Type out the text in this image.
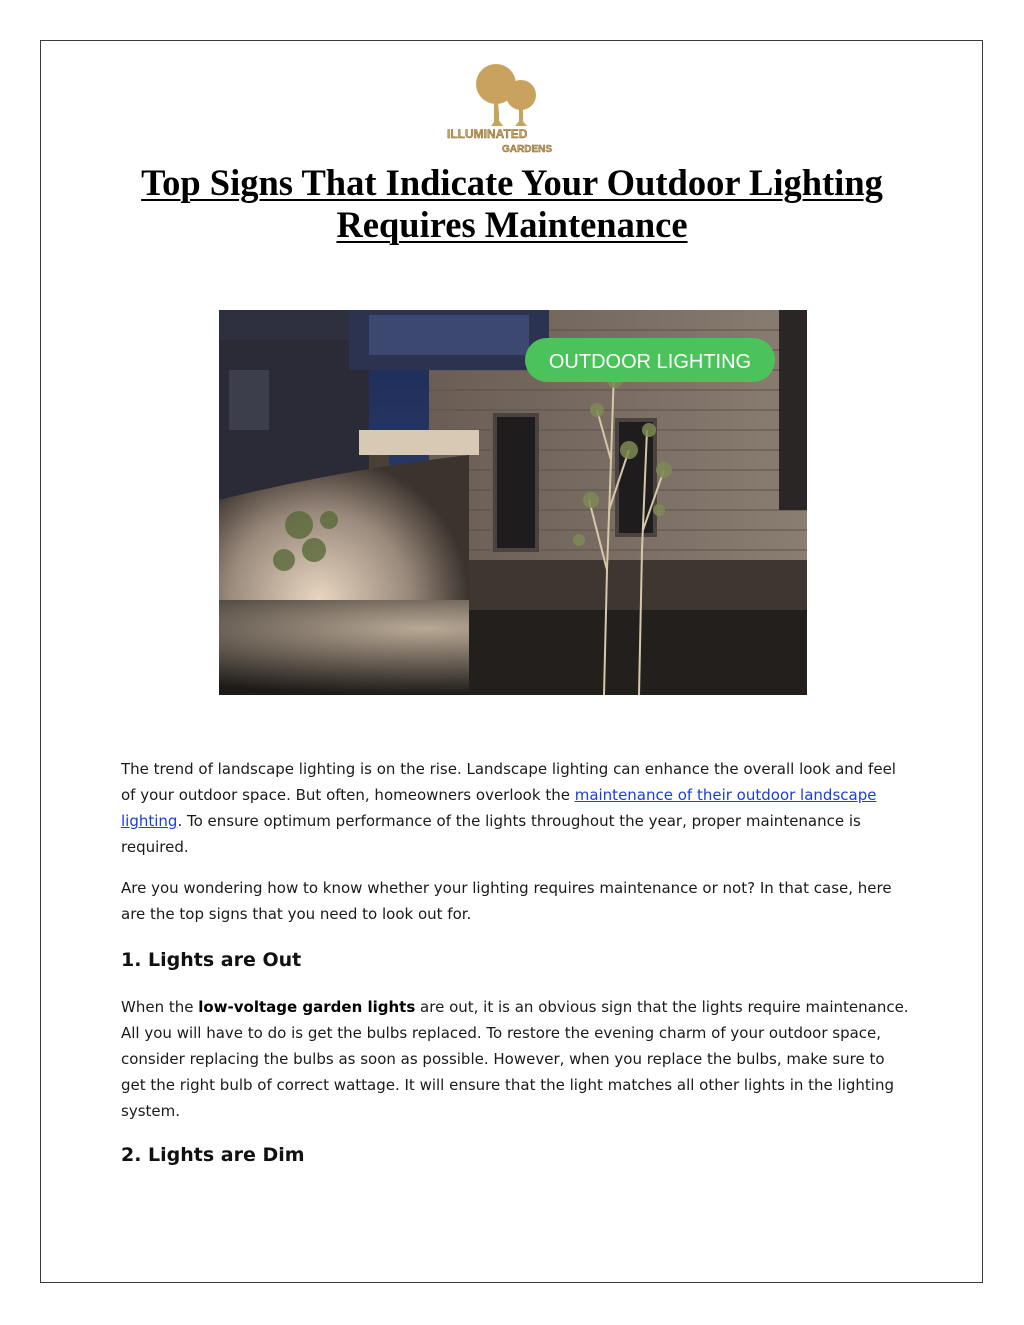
ILLUMINATED
GARDENS
Top Signs That Indicate Your Outdoor Lighting
Requires Maintenance
OUTDOOR LIGHTING

The trend of landscape lighting is on the rise. Landscape lighting can enhance the overall look and feel of your outdoor space. But often, homeowners overlook the maintenance of their outdoor landscape lighting. To ensure optimum performance of the lights throughout the year, proper maintenance is required.

Are you wondering how to know whether your lighting requires maintenance or not? In that case, here are the top signs that you need to look out for.

1. Lights are Out

When the low-voltage garden lights are out, it is an obvious sign that the lights require maintenance. All you will have to do is get the bulbs replaced. To restore the evening charm of your outdoor space, consider replacing the bulbs as soon as possible. However, when you replace the bulbs, make sure to get the right bulb of correct wattage. It will ensure that the light matches all other lights in the lighting system.

2. Lights are Dim
